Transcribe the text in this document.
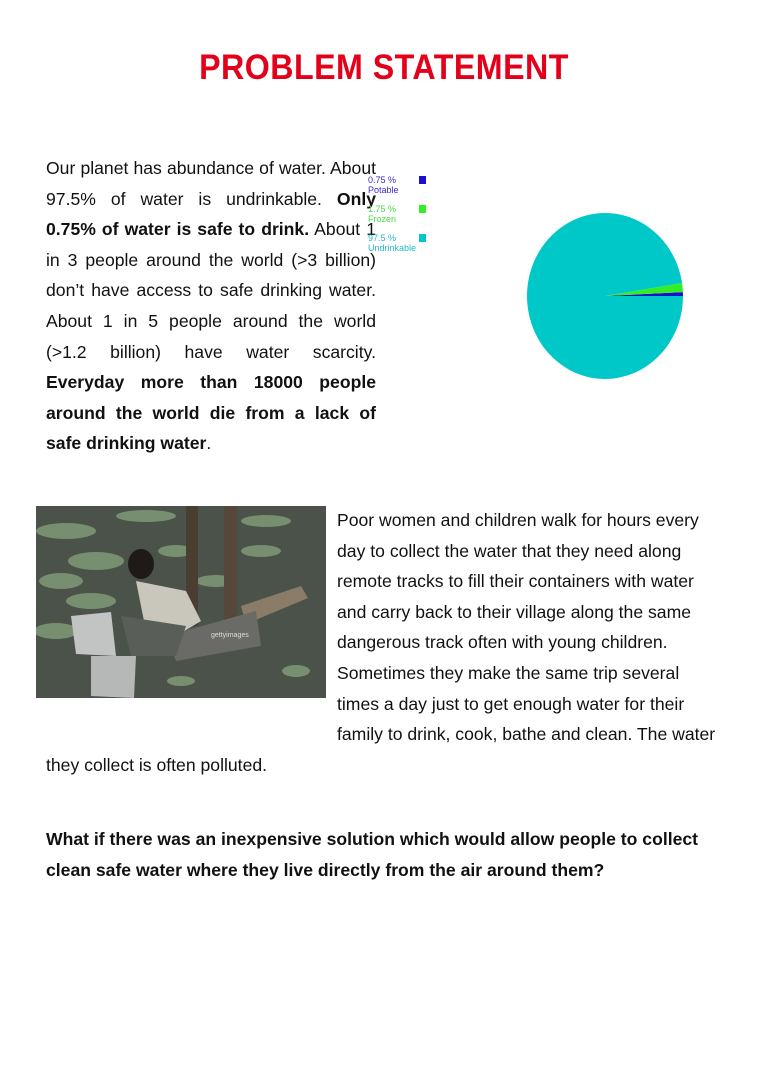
PROBLEM STATEMENT
0.75 %
Potable
1.75 %
Frozen
97.5 %
Undrinkable
Our planet has abundance of water. About 97.5% of water is undrinkable. Only 0.75% of water is safe to drink. About 1 in 3 people around the world (>3 billion) don’t have access to safe drinking water. About 1 in 5 people around the world (>1.2 billion) have water scarcity. Everyday more than 18000 people around the world die from a lack of safe drinking water.
gettyimages
Poor women and children walk for hours every day to collect the water that they need along remote tracks to fill their containers with water and carry back to their village along the same dangerous track often with young children. Sometimes they make the same trip several times a day just to get enough water for their family to drink, cook, bathe and clean. The water they collect is often polluted.
What if there was an inexpensive solution which would allow people to collect clean safe water where they live directly from the air around them?
